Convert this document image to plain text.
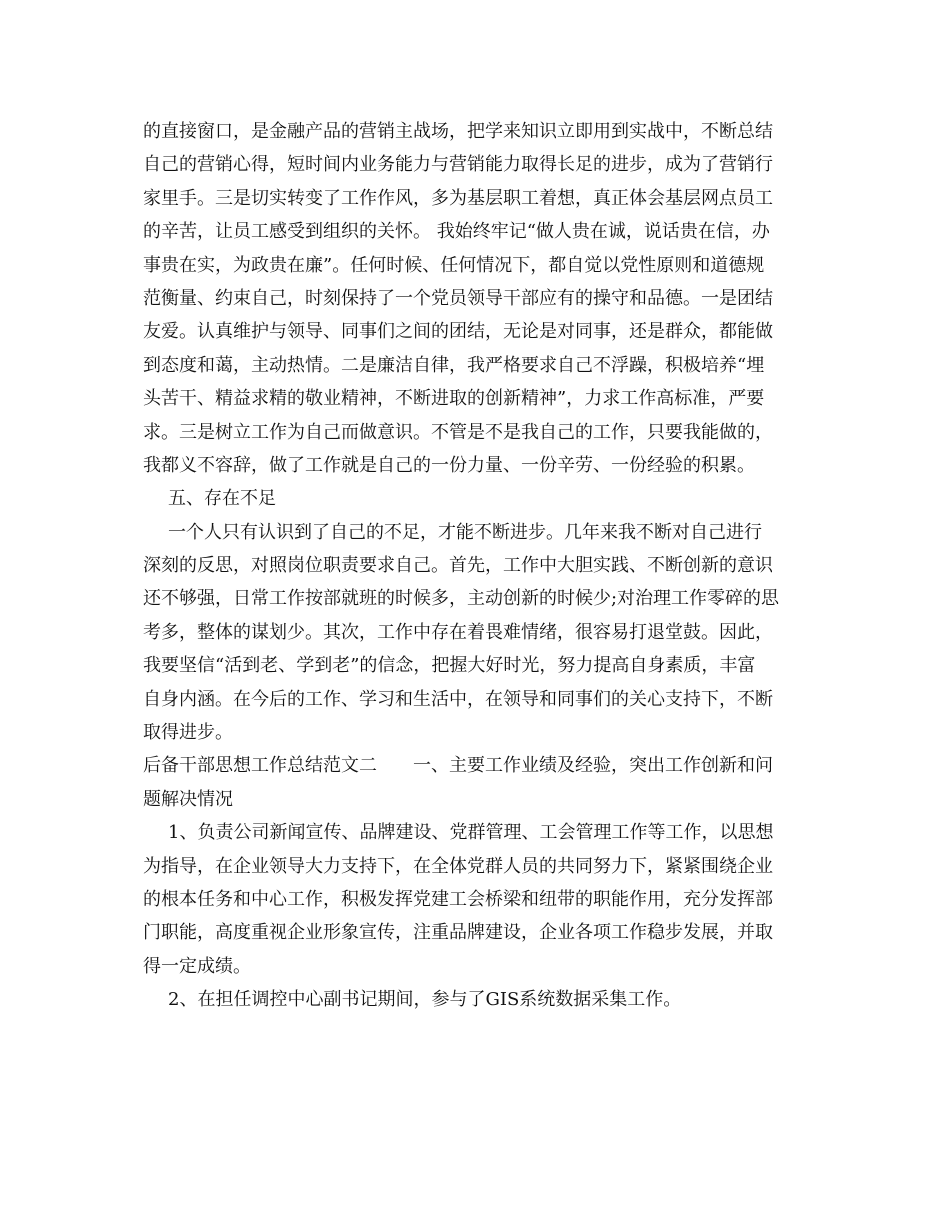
的直接窗口，是金融产品的营销主战场，把学来知识立即用到实战中，不断总结
自己的营销心得，短时间内业务能力与营销能力取得长足的进步，成为了营销行
家里手。三是切实转变了工作作风，多为基层职工着想，真正体会基层网点员工
的辛苦，让员工感受到组织的关怀。 我始终牢记“做人贵在诚，说话贵在信，办
事贵在实，为政贵在廉”。任何时候、任何情况下，都自觉以党性原则和道德规
范衡量、约束自己，时刻保持了一个党员领导干部应有的操守和品德。一是团结
友爱。认真维护与领导、同事们之间的团结，无论是对同事，还是群众，都能做
到态度和蔼，主动热情。二是廉洁自律，我严格要求自己不浮躁，积极培养“埋
头苦干、精益求精的敬业精神，不断进取的创新精神”，力求工作高标准，严要
求。三是树立工作为自己而做意识。不管是不是我自己的工作，只要我能做的，
我都义不容辞，做了工作就是自己的一份力量、一份辛劳、一份经验的积累。
五、存在不足
一个人只有认识到了自己的不足，才能不断进步。几年来我不断对自己进行
深刻的反思，对照岗位职责要求自己。首先，工作中大胆实践、不断创新的意识
还不够强，日常工作按部就班的时候多，主动创新的时候少;对治理工作零碎的思
考多，整体的谋划少。其次，工作中存在着畏难情绪，很容易打退堂鼓。因此，
我要坚信“活到老、学到老”的信念，把握大好时光，努力提高自身素质，丰富
自身内涵。在今后的工作、学习和生活中，在领导和同事们的关心支持下，不断
取得进步。
后备干部思想工作总结范文二　　一、主要工作业绩及经验，突出工作创新和问
题解决情况
1、负责公司新闻宣传、品牌建设、党群管理、工会管理工作等工作，以思想
为指导，在企业领导大力支持下，在全体党群人员的共同努力下，紧紧围绕企业
的根本任务和中心工作，积极发挥党建工会桥梁和纽带的职能作用，充分发挥部
门职能，高度重视企业形象宣传，注重品牌建设，企业各项工作稳步发展，并取
得一定成绩。
2、在担任调控中心副书记期间，参与了GIS系统数据采集工作。
